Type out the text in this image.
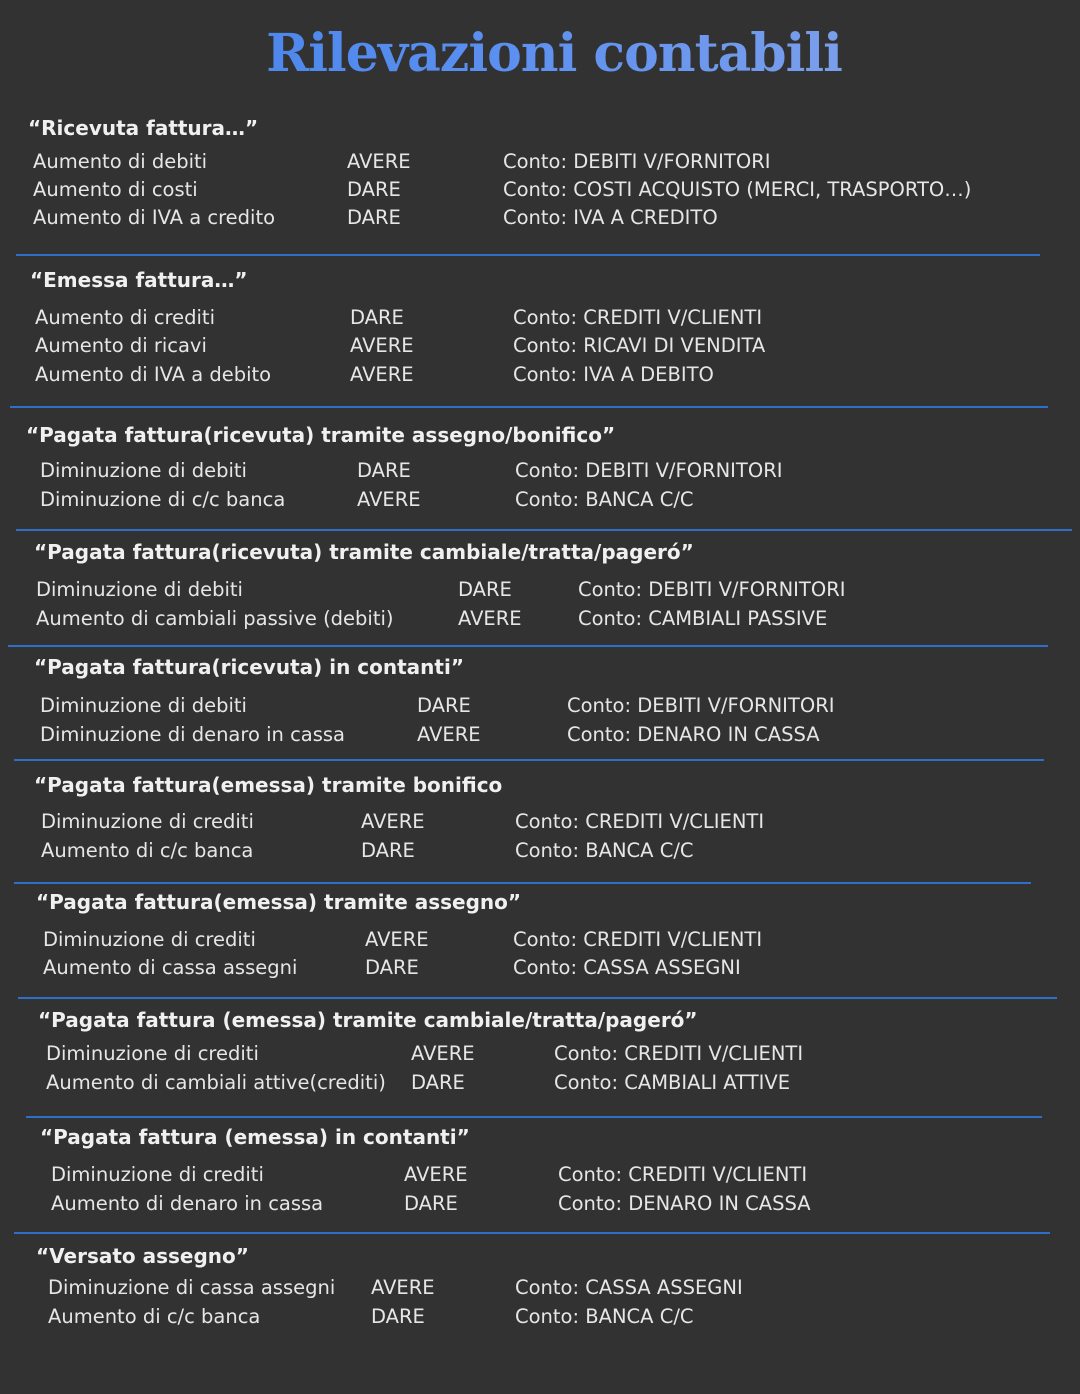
Rilevazioni contabili
“Ricevuta fattura…”
Aumento di debiti	AVERE	Conto: DEBITI V/FORNITORI
Aumento di costi	DARE	Conto: COSTI ACQUISTO (MERCI, TRASPORTO…)
Aumento di IVA a credito	DARE	Conto: IVA A CREDITO
“Emessa fattura…”
Aumento di crediti	DARE	Conto: CREDITI V/CLIENTI
Aumento di ricavi	AVERE	Conto: RICAVI DI VENDITA
Aumento di IVA a debito	AVERE	Conto: IVA A DEBITO
“Pagata fattura(ricevuta) tramite assegno/bonifico”
Diminuzione di debiti	DARE	Conto: DEBITI V/FORNITORI
Diminuzione di c/c banca	AVERE	Conto: BANCA C/C
“Pagata fattura(ricevuta) tramite cambiale/tratta/pageró”
Diminuzione di debiti	DARE	Conto: DEBITI V/FORNITORI
Aumento di cambiali passive (debiti)	AVERE	Conto: CAMBIALI PASSIVE
“Pagata fattura(ricevuta) in contanti”
Diminuzione di debiti	DARE	Conto: DEBITI V/FORNITORI
Diminuzione di denaro in cassa	AVERE	Conto: DENARO IN CASSA
“Pagata fattura(emessa) tramite bonifico
Diminuzione di crediti	AVERE	Conto: CREDITI V/CLIENTI
Aumento di c/c banca	DARE	Conto: BANCA C/C
“Pagata fattura(emessa) tramite assegno”
Diminuzione di crediti	AVERE	Conto: CREDITI V/CLIENTI
Aumento di cassa assegni	DARE	Conto: CASSA ASSEGNI
“Pagata fattura (emessa) tramite cambiale/tratta/pageró”
Diminuzione di crediti	AVERE	Conto: CREDITI V/CLIENTI
Aumento di cambiali attive(crediti) DARE	Conto: CAMBIALI ATTIVE
“Pagata fattura (emessa) in contanti”
Diminuzione di crediti	AVERE	Conto: CREDITI V/CLIENTI
Aumento di denaro in cassa	DARE	Conto: DENARO IN CASSA
“Versato assegno”
Diminuzione di cassa assegni AVERE	Conto: CASSA ASSEGNI
Aumento di c/c banca	DARE	Conto: BANCA C/C
